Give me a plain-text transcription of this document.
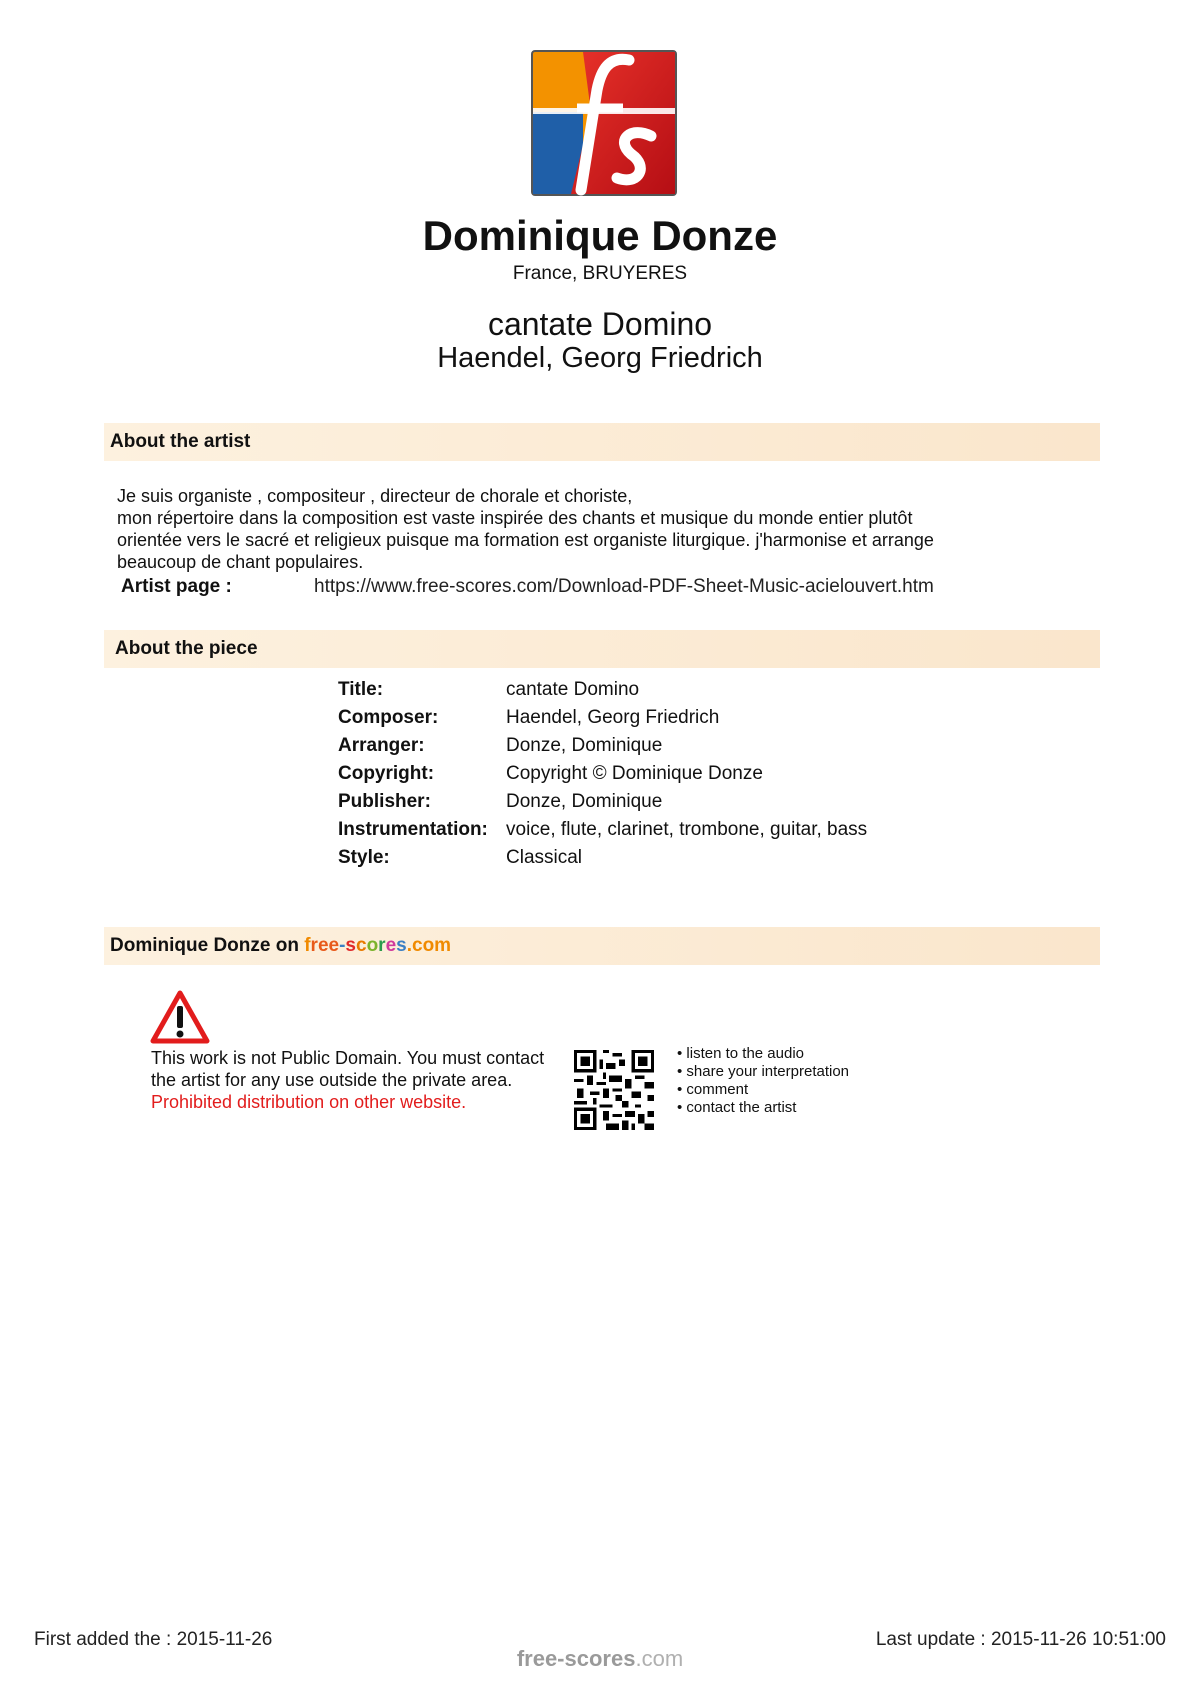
Dominique Donze
France, BRUYERES
cantate Domino
Haendel, Georg Friedrich
About the artist
Je suis organiste , compositeur , directeur de chorale et choriste,
mon répertoire dans la composition est vaste inspirée des chants et musique du monde entier plutôt
orientée vers le sacré et religieux puisque ma formation est organiste liturgique. j'harmonise et arrange
beaucoup de chant populaires.
Artist page :	https://www.free-scores.com/Download-PDF-Sheet-Music-acielouvert.htm
About the piece
Title:	cantate Domino
Composer:	Haendel, Georg Friedrich
Arranger:	Donze, Dominique
Copyright:	Copyright © Dominique Donze
Publisher:	Donze, Dominique
Instrumentation:	voice, flute, clarinet, trombone, guitar, bass
Style:	Classical
Dominique Donze on free-scores.com
This work is not Public Domain. You must contact the artist for any use outside the private area.
Prohibited distribution on other website.
• listen to the audio
• share your interpretation
• comment
• contact the artist
First added the : 2015-11-26	Last update : 2015-11-26 10:51:00
free-scores.com
